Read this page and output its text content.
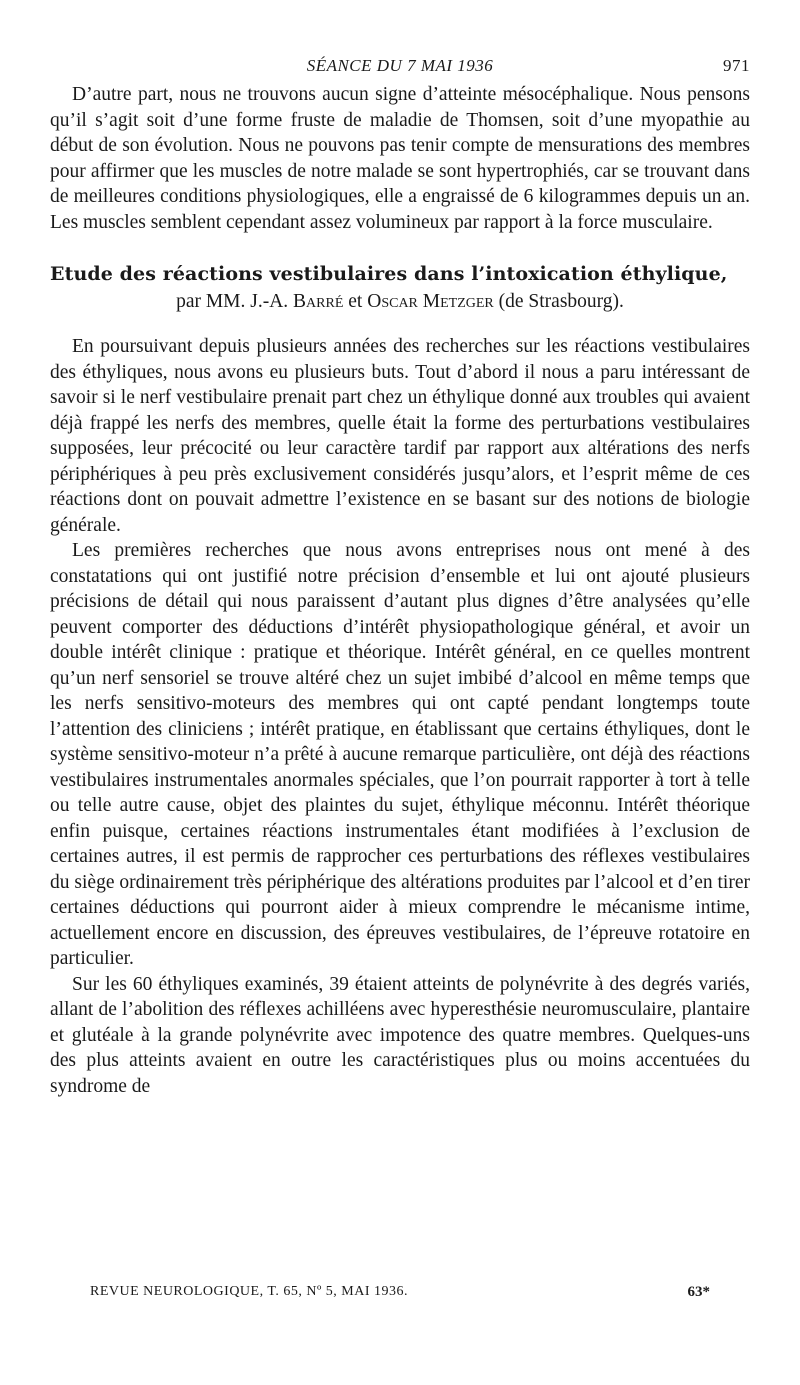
SÉANCE DU 7 MAI 1936	971

D’autre part, nous ne trouvons aucun signe d’atteinte mésocéphalique. Nous pensons qu’il s’agit soit d’une forme fruste de maladie de Thomsen, soit d’une myopathie au début de son évolution. Nous ne pouvons pas tenir compte de mensurations des membres pour affirmer que les muscles de notre malade se sont hypertrophiés, car se trouvant dans de meilleures conditions physiologiques, elle a engraissé de 6 kilogrammes depuis un an. Les muscles semblent cependant assez volumineux par rapport à la force musculaire.

Etude des réactions vestibulaires dans l’intoxication éthylique,

par MM. J.-A. Barré et Oscar Metzger (de Strasbourg).

En poursuivant depuis plusieurs années des recherches sur les réactions vestibulaires des éthyliques, nous avons eu plusieurs buts. Tout d’abord il nous a paru intéressant de savoir si le nerf vestibulaire prenait part chez un éthylique donné aux troubles qui avaient déjà frappé les nerfs des membres, quelle était la forme des perturbations vestibulaires supposées, leur précocité ou leur caractère tardif par rapport aux altérations des nerfs périphériques à peu près exclusivement considérés jusqu’alors, et l’esprit même de ces réactions dont on pouvait admettre l’existence en se basant sur des notions de biologie générale.

Les premières recherches que nous avons entreprises nous ont mené à des constatations qui ont justifié notre précision d’ensemble et lui ont ajouté plusieurs précisions de détail qui nous paraissent d’autant plus dignes d’être analysées qu’elle peuvent comporter des déductions d’intérêt physiopathologique général, et avoir un double intérêt clinique : pratique et théorique. Intérêt général, en ce quelles montrent qu’un nerf sensoriel se trouve altéré chez un sujet imbibé d’alcool en même temps que les nerfs sensitivo-moteurs des membres qui ont capté pendant longtemps toute l’attention des cliniciens ; intérêt pratique, en établissant que certains éthyliques, dont le système sensitivo-moteur n’a prêté à aucune remarque particulière, ont déjà des réactions vestibulaires instrumentales anormales spéciales, que l’on pourrait rapporter à tort à telle ou telle autre cause, objet des plaintes du sujet, éthylique méconnu. Intérêt théorique enfin puisque, certaines réactions instrumentales étant modifiées à l’exclusion de certaines autres, il est permis de rapprocher ces perturbations des réflexes vestibulaires du siège ordinairement très périphérique des altérations produites par l’alcool et d’en tirer certaines déductions qui pourront aider à mieux comprendre le mécanisme intime, actuellement encore en discussion, des épreuves vestibulaires, de l’épreuve rotatoire en particulier.

Sur les 60 éthyliques examinés, 39 étaient atteints de polynévrite à des degrés variés, allant de l’abolition des réflexes achilléens avec hyperesthésie neuromusculaire, plantaire et glutéale à la grande polynévrite avec impotence des quatre membres. Quelques-uns des plus atteints avaient en outre les caractéristiques plus ou moins accentuées du syndrome de

REVUE NEUROLOGIQUE, T. 65, Nº 5, MAI 1936.	63*
